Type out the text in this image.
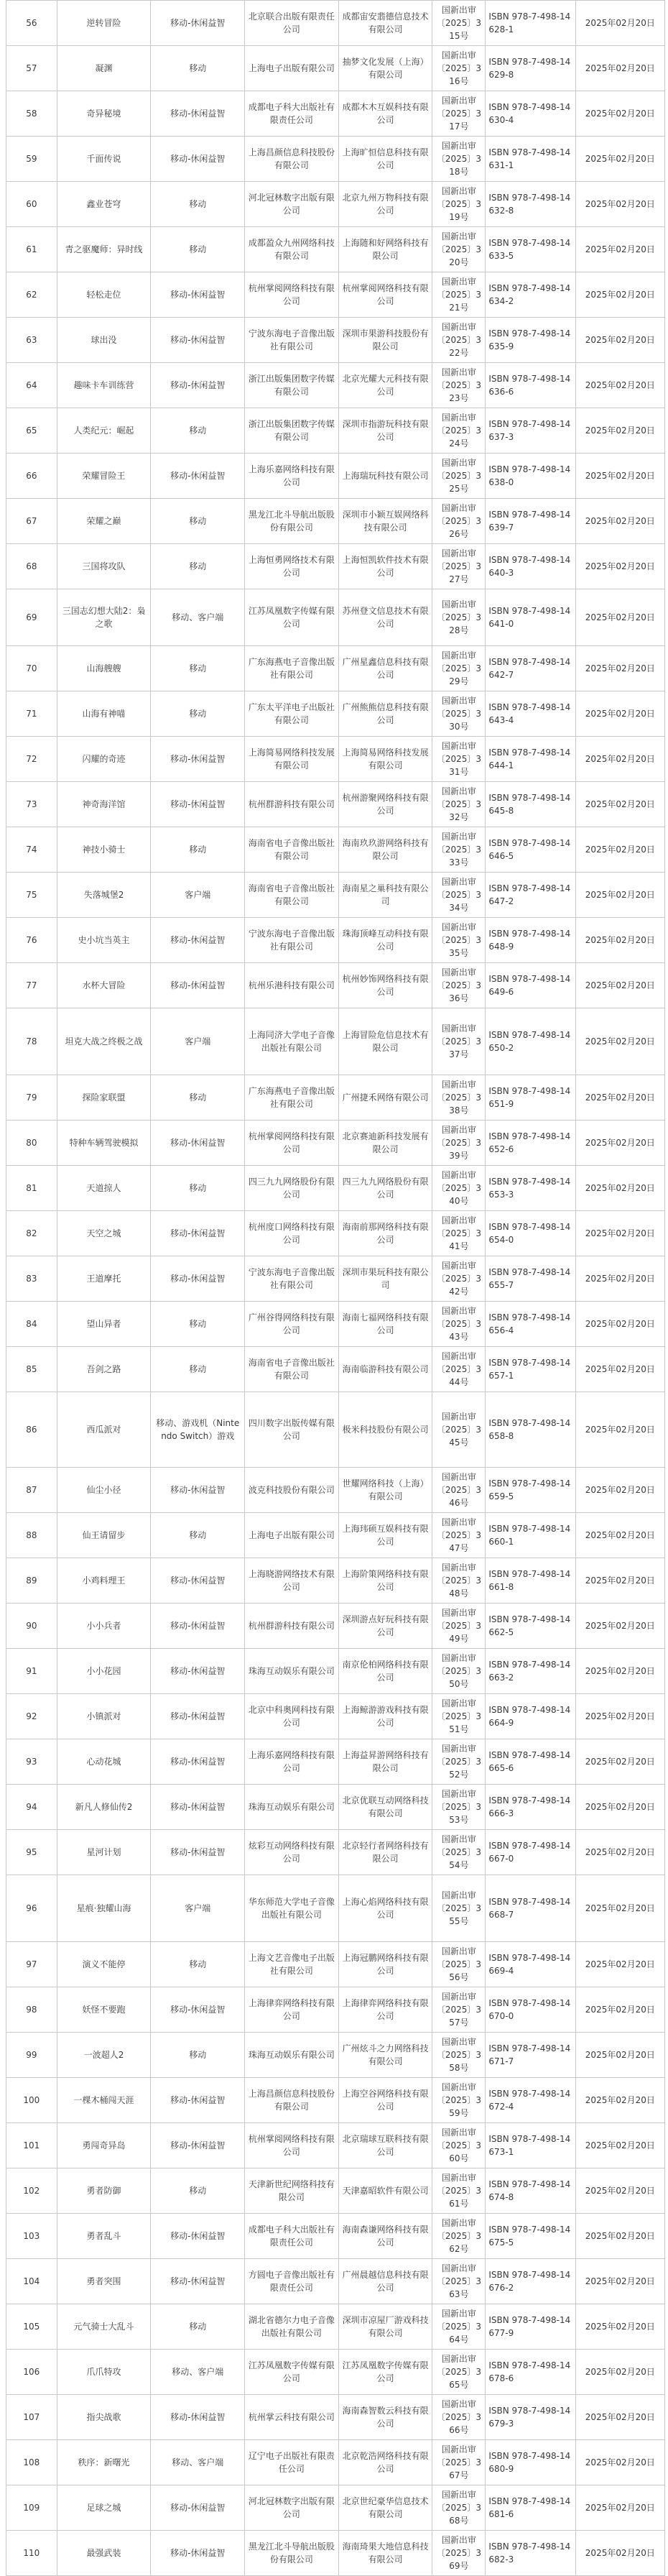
56	逆转冒险	移动-休闲益智	北京联合出版有限责任公司	成都宙安翡德信息技术有限公司	国新出审〔2025〕315号	ISBN 978-7-498-14628-1	2025年02月20日
57	凝渊	移动	上海电子出版有限公司	抽梦文化发展（上海）有限公司	国新出审〔2025〕316号	ISBN 978-7-498-14629-8	2025年02月20日
58	奇异秘境	移动-休闲益智	成都电子科大出版社有限责任公司	成都木木互娱科技有限公司	国新出审〔2025〕317号	ISBN 978-7-498-14630-4	2025年02月20日
59	千面传说	移动-休闲益智	上海昌颜信息科技股份有限公司	上海旷恒信息科技有限公司	国新出审〔2025〕318号	ISBN 978-7-498-14631-1	2025年02月20日
60	鑫业苍穹	移动	河北冠林数字出版有限公司	北京九州万物科技有限公司	国新出审〔2025〕319号	ISBN 978-7-498-14632-8	2025年02月20日
61	青之驱魔师：异时线	移动	成都盈众九州网络科技有限公司	上海随和好网络科技有限公司	国新出审〔2025〕320号	ISBN 978-7-498-14633-5	2025年02月20日
62	轻松走位	移动-休闲益智	杭州掌阅网络科技有限公司	杭州掌阅网络科技有限公司	国新出审〔2025〕321号	ISBN 978-7-498-14634-2	2025年02月20日
63	球出没	移动-休闲益智	宁波东海电子音像出版社有限公司	深圳市果游科技股份有限公司	国新出审〔2025〕322号	ISBN 978-7-498-14635-9	2025年02月20日
64	趣味卡车训练营	移动-休闲益智	浙江出版集团数字传媒有限公司	北京光耀大元科技有限公司	国新出审〔2025〕323号	ISBN 978-7-498-14636-6	2025年02月20日
65	人类纪元：崛起	移动	浙江出版集团数字传媒有限公司	深圳市指游玩科技有限公司	国新出审〔2025〕324号	ISBN 978-7-498-14637-3	2025年02月20日
66	荣耀冒险王	移动-休闲益智	上海乐嘉网络科技有限公司	上海瑞玩科技有限公司	国新出审〔2025〕325号	ISBN 978-7-498-14638-0	2025年02月20日
67	荣耀之巅	移动	黑龙江北斗导航出版股份有限公司	深圳市小颖互娱网络科技有限公司	国新出审〔2025〕326号	ISBN 978-7-498-14639-7	2025年02月20日
68	三国将攻队	移动	上海恒勇网络技术有限公司	上海恒凯软件技术有限公司	国新出审〔2025〕327号	ISBN 978-7-498-14640-3	2025年02月20日
69	三国志幻想大陆2：枭之歌	移动、客户端	江苏凤凰数字传媒有限公司	苏州登文信息技术有限公司	国新出审〔2025〕328号	ISBN 978-7-498-14641-0	2025年02月20日
70	山海艘艘	移动	广东海燕电子音像出版社有限公司	广州星鑫信息科技有限公司	国新出审〔2025〕329号	ISBN 978-7-498-14642-7	2025年02月20日
71	山海有神喵	移动	广东太平洋电子出版社有限公司	广州熊熊信息科技有限公司	国新出审〔2025〕330号	ISBN 978-7-498-14643-4	2025年02月20日
72	闪耀的奇迹	移动-休闲益智	上海简易网络科技发展有限公司	上海简易网络科技发展有限公司	国新出审〔2025〕331号	ISBN 978-7-498-14644-1	2025年02月20日
73	神奇海洋馆	移动-休闲益智	杭州群游科技有限公司	杭州游聚网络科技有限公司	国新出审〔2025〕332号	ISBN 978-7-498-14645-8	2025年02月20日
74	神技小骑士	移动	海南省电子音像出版社有限公司	海南玖玖游网络科技有限公司	国新出审〔2025〕333号	ISBN 978-7-498-14646-5	2025年02月20日
75	失落城堡2	客户端	海南省电子音像出版社有限公司	海南星之巢科技有限公司	国新出审〔2025〕334号	ISBN 978-7-498-14647-2	2025年02月20日
76	史小坑当英主	移动-休闲益智	宁波东海电子音像出版社有限公司	珠海顶峰互动科技有限公司	国新出审〔2025〕335号	ISBN 978-7-498-14648-9	2025年02月20日
77	水杯大冒险	移动-休闲益智	杭州乐港科技有限公司	杭州妙饰网络科技有限公司	国新出审〔2025〕336号	ISBN 978-7-498-14649-6	2025年02月20日
78	坦克大战之终极之战	客户端	上海同济大学电子音像出版社有限公司	上海冒险危信息技术有限公司	国新出审〔2025〕337号	ISBN 978-7-498-14650-2	2025年02月20日
79	探险家联盟	移动	广东海燕电子音像出版社有限公司	广州捷禾网络有限公司	国新出审〔2025〕338号	ISBN 978-7-498-14651-9	2025年02月20日
80	特种车辆驾驶模拟	移动-休闲益智	杭州掌阅网络科技有限公司	北京赛迪新科技发展有限公司	国新出审〔2025〕339号	ISBN 978-7-498-14652-6	2025年02月20日
81	天道掠人	移动	四三九九网络股份有限公司	四三九九网络股份有限公司	国新出审〔2025〕340号	ISBN 978-7-498-14653-3	2025年02月20日
82	天空之城	移动-休闲益智	杭州度口网络科技有限公司	海南前那网络科技有限公司	国新出审〔2025〕341号	ISBN 978-7-498-14654-0	2025年02月20日
83	王道摩托	移动-休闲益智	宁波东海电子音像出版社有限公司	深圳市果玩科技有限公司	国新出审〔2025〕342号	ISBN 978-7-498-14655-7	2025年02月20日
84	望山异者	移动	广州谷得网络科技有限公司	海南七福网络科技有限公司	国新出审〔2025〕343号	ISBN 978-7-498-14656-4	2025年02月20日
85	吾剑之路	移动	海南省电子音像出版社有限公司	海南临游科技有限公司	国新出审〔2025〕344号	ISBN 978-7-498-14657-1	2025年02月20日
86	西瓜派对	移动、游戏机（Nintendo Switch）游戏	四川数字出版传媒有限公司	极米科技股份有限公司	国新出审〔2025〕345号	ISBN 978-7-498-14658-8	2025年02月20日
87	仙尘小径	移动-休闲益智	波克科技股份有限公司	世耀网络科技（上海）有限公司	国新出审〔2025〕346号	ISBN 978-7-498-14659-5	2025年02月20日
88	仙王请留步	移动	上海电子出版有限公司	上海玮硕互娱科技有限公司	国新出审〔2025〕347号	ISBN 978-7-498-14660-1	2025年02月20日
89	小鸡料理王	移动-休闲益智	上海晓游网络技术有限公司	上海阶策网络科技有限公司	国新出审〔2025〕348号	ISBN 978-7-498-14661-8	2025年02月20日
90	小小兵者	移动-休闲益智	杭州群游科技有限公司	深圳游点好玩科技有限公司	国新出审〔2025〕349号	ISBN 978-7-498-14662-5	2025年02月20日
91	小小花园	移动-休闲益智	珠海互动娱乐有限公司	南京伦柏网络科技有限公司	国新出审〔2025〕350号	ISBN 978-7-498-14663-2	2025年02月20日
92	小镇派对	移动-休闲益智	北京中科奥网科技有限公司	上海鲸游游戏科技有限公司	国新出审〔2025〕351号	ISBN 978-7-498-14664-9	2025年02月20日
93	心动花城	移动-休闲益智	上海乐嘉网络科技有限公司	上海益昇游网络科技有限公司	国新出审〔2025〕352号	ISBN 978-7-498-14665-6	2025年02月20日
94	新凡人修仙传2	移动-休闲益智	珠海互动娱乐有限公司	北京优联互动网络科技有限公司	国新出审〔2025〕353号	ISBN 978-7-498-14666-3	2025年02月20日
95	星河计划	移动-休闲益智	炫彩互动网络科技有限公司	北京轻行者网络科技有限公司	国新出审〔2025〕354号	ISBN 978-7-498-14667-0	2025年02月20日
96	星痕·独耀山海	客户端	华东师范大学电子音像出版社有限公司	上海心焰网络科技有限公司	国新出审〔2025〕355号	ISBN 978-7-498-14668-7	2025年02月20日
97	演义不能停	移动	上海文艺音像电子出版社有限公司	上海冠鹏网络科技有限公司	国新出审〔2025〕356号	ISBN 978-7-498-14669-4	2025年02月20日
98	妖怪不要跑	移动-休闲益智	上海律弈网络科技有限公司	上海律弈网络科技有限公司	国新出审〔2025〕357号	ISBN 978-7-498-14670-0	2025年02月20日
99	一波超人2	移动	珠海互动娱乐有限公司	广州炫斗之力网络科技有限公司	国新出审〔2025〕358号	ISBN 978-7-498-14671-7	2025年02月20日
100	一棵木桶闯天涯	移动-休闲益智	上海昌颜信息科技股份有限公司	上海空谷网络科技有限公司	国新出审〔2025〕359号	ISBN 978-7-498-14672-4	2025年02月20日
101	勇闯奇异岛	移动-休闲益智	杭州掌阅网络科技有限公司	北京瑞球互联科技有限公司	国新出审〔2025〕360号	ISBN 978-7-498-14673-1	2025年02月20日
102	勇者防御	移动	天津新世纪网络科技有限公司	天津嘉昭软件有限公司	国新出审〔2025〕361号	ISBN 978-7-498-14674-8	2025年02月20日
103	勇者乱斗	移动-休闲益智	成都电子科大出版社有限责任公司	海南森谦网络科技有限公司	国新出审〔2025〕362号	ISBN 978-7-498-14675-5	2025年02月20日
104	勇者突围	移动-休闲益智	方圆电子音像出版社有限责任公司	广州晨越信息科技有限公司	国新出审〔2025〕363号	ISBN 978-7-498-14676-2	2025年02月20日
105	元气骑士大乱斗	移动	湖北省德尔力电子音像出版社有限公司	深圳市凉屋厂游戏科技有限公司	国新出审〔2025〕364号	ISBN 978-7-498-14677-9	2025年02月20日
106	爪爪特攻	移动、客户端	江苏凤凰数字传媒有限公司	江苏凤凰数字传媒有限公司	国新出审〔2025〕365号	ISBN 978-7-498-14678-6	2025年02月20日
107	指尖战歌	移动-休闲益智	杭州掌云科技有限公司	海南森智数云科技有限公司	国新出审〔2025〕366号	ISBN 978-7-498-14679-3	2025年02月20日
108	秩序：新曙光	移动、客户端	辽宁电子出版社有限责任公司	北京乾浩网络科技有限公司	国新出审〔2025〕367号	ISBN 978-7-498-14680-9	2025年02月20日
109	足球之城	移动-休闲益智	河北冠林数字出版有限公司	北京世纪豪华信息技术有限公司	国新出审〔2025〕368号	ISBN 978-7-498-14681-6	2025年02月20日
110	最强武装	移动-休闲益智	黑龙江北斗导航出版股份有限公司	海南琦果大地信息科技有限公司	国新出审〔2025〕369号	ISBN 978-7-498-14682-3	2025年02月20日
